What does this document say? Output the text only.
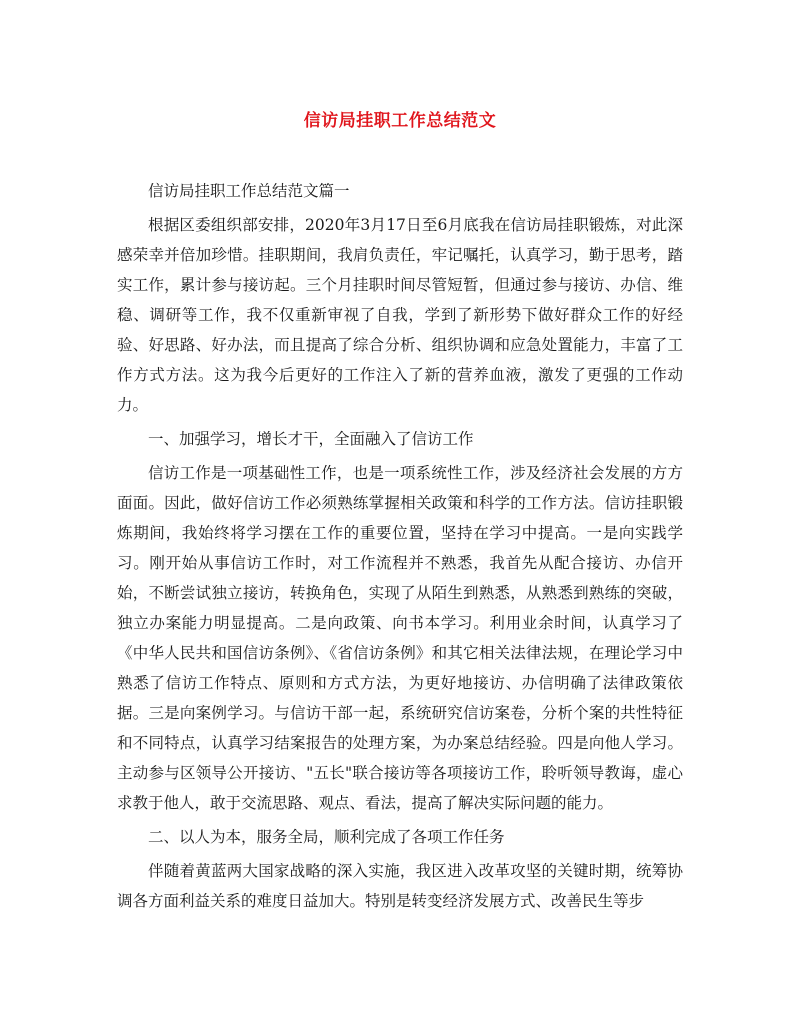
信访局挂职工作总结范文

信访局挂职工作总结范文篇一

根据区委组织部安排，2020年3月17日至6月底我在信访局挂职锻炼，对此深感荣幸并倍加珍惜。挂职期间，我肩负责任，牢记嘱托，认真学习，勤于思考，踏实工作，累计参与接访起。三个月挂职时间尽管短暂，但通过参与接访、办信、维稳、调研等工作，我不仅重新审视了自我，学到了新形势下做好群众工作的好经验、好思路、好办法，而且提高了综合分析、组织协调和应急处置能力，丰富了工作方式方法。这为我今后更好的工作注入了新的营养血液，激发了更强的工作动力。

一、加强学习，增长才干，全面融入了信访工作

信访工作是一项基础性工作，也是一项系统性工作，涉及经济社会发展的方方面面。因此，做好信访工作必须熟练掌握相关政策和科学的工作方法。信访挂职锻炼期间，我始终将学习摆在工作的重要位置，坚持在学习中提高。一是向实践学习。刚开始从事信访工作时，对工作流程并不熟悉，我首先从配合接访、办信开始，不断尝试独立接访，转换角色，实现了从陌生到熟悉，从熟悉到熟练的突破，独立办案能力明显提高。二是向政策、向书本学习。利用业余时间，认真学习了《中华人民共和国信访条例》、《省信访条例》和其它相关法律法规，在理论学习中熟悉了信访工作特点、原则和方式方法，为更好地接访、办信明确了法律政策依据。三是向案例学习。与信访干部一起，系统研究信访案卷，分析个案的共性特征和不同特点，认真学习结案报告的处理方案，为办案总结经验。四是向他人学习。主动参与区领导公开接访、"五长"联合接访等各项接访工作，聆听领导教诲，虚心求教于他人，敢于交流思路、观点、看法，提高了解决实际问题的能力。

二、以人为本，服务全局，顺利完成了各项工作任务

伴随着黄蓝两大国家战略的深入实施，我区进入改革攻坚的关键时期，统筹协调各方面利益关系的难度日益加大。特别是转变经济发展方式、改善民生等步
